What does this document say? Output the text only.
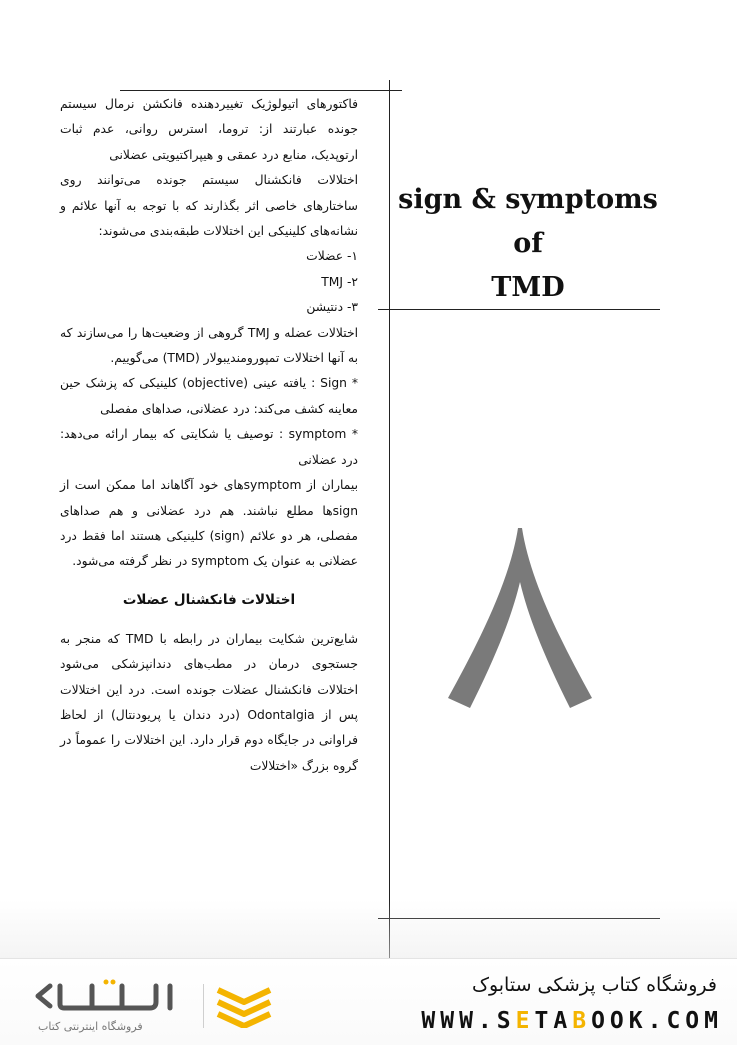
فاکتورهای اتیولوژیک تغییردهنده فانکشن نرمال سیستم جونده عبارتند از: تروما، استرس روانی، عدم ثبات ارتوپدیک، منابع درد عمقی و هیپراکتیویتی عضلانی

اختلالات فانکشنال سیستم جونده می‌توانند روی ساختارهای خاصی اثر بگذارند که با توجه به آنها علائم و نشانه‌های کلینیکی این اختلالات طبقه‌بندی می‌شوند:

۱- عضلات

۲- TMJ

۳- دنتیشن

اختلالات عضله و TMJ گروهی از وضعیت‌ها را می‌سازند که به آنها اختلالات تمپورومندیبولار (TMD) می‌گوییم.

* Sign : یافته عینی (objective) کلینیکی که پزشک حین معاینه کشف می‌کند: درد عضلانی، صداهای مفصلی

* symptom : توصیف یا شکایتی که بیمار ارائه می‌دهد: درد عضلانی

بیماران از symptomهای خود آگاهاند اما ممکن است از signها مطلع نباشند. هم درد عضلانی و هم صداهای مفصلی، هر دو علائم (sign) کلینیکی هستند اما فقط درد عضلانی به عنوان یک symptom در نظر گرفته می‌شود.

اختلالات فانکشنال عضلات

شایع‌ترین شکایت بیماران در رابطه با TMD که منجر به جستجوی درمان در مطب‌های دندانپزشکی می‌شود اختلالات فانکشنال عضلات جونده است. درد این اختلالات پس از Odontalgia (درد دندان یا پریودنتال) از لحاظ فراوانی در جایگاه دوم قرار دارد. این اختلالات را عموماً در گروه بزرگ «اختلالات

sign & symptoms of
TMD
فروشگاه اینترنتی کتاب
فروشگاه کتاب پزشکی ستابوک
WWW.SETABOOK.COM
